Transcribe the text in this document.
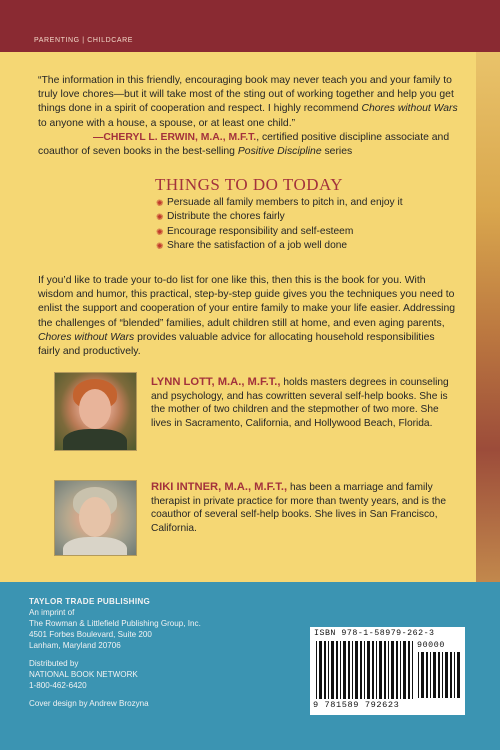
PARENTING | CHILDCARE
“The information in this friendly, encouraging book may never teach you and your family to truly love chores—but it will take most of the sting out of working together and help you get things done in a spirit of cooperation and respect. I highly recommend Chores without Wars to anyone with a house, a spouse, or at least one child.”
—CHERYL L. ERWIN, M.A., M.F.T., certified positive discipline associate and coauthor of seven books in the best-selling Positive Discipline series
THINGS TO DO TODAY
✺ Persuade all family members to pitch in, and enjoy it
✺ Distribute the chores fairly
✺ Encourage responsibility and self-esteem
✺ Share the satisfaction of a job well done
If you’d like to trade your to-do list for one like this, then this is the book for you. With wisdom and humor, this practical, step-by-step guide gives you the techniques you need to enlist the support and cooperation of your entire family to make your life easier. Addressing the challenges of “blended” families, adult children still at home, and even aging parents, Chores without Wars provides valuable advice for allocating household responsibilities fairly and productively.
LYNN LOTT, M.A., M.F.T., holds masters degrees in counseling and psychology, and has cowritten several self-help books. She is the mother of two children and the stepmother of two more. She lives in Sacramento, California, and Hollywood Beach, Florida.
RIKI INTNER, M.A., M.F.T., has been a marriage and family therapist in private practice for more than twenty years, and is the coauthor of several self-help books. She lives in San Francisco, California.
TAYLOR TRADE PUBLISHING
An imprint of
The Rowman & Littlefield Publishing Group, Inc.
4501 Forbes Boulevard, Suite 200
Lanham, Maryland 20706
Distributed by
NATIONAL BOOK NETWORK
1-800-462-6420
Cover design by Andrew Brozyna
ISBN 978-1-58979-262-3
90000
9 781589 792623
